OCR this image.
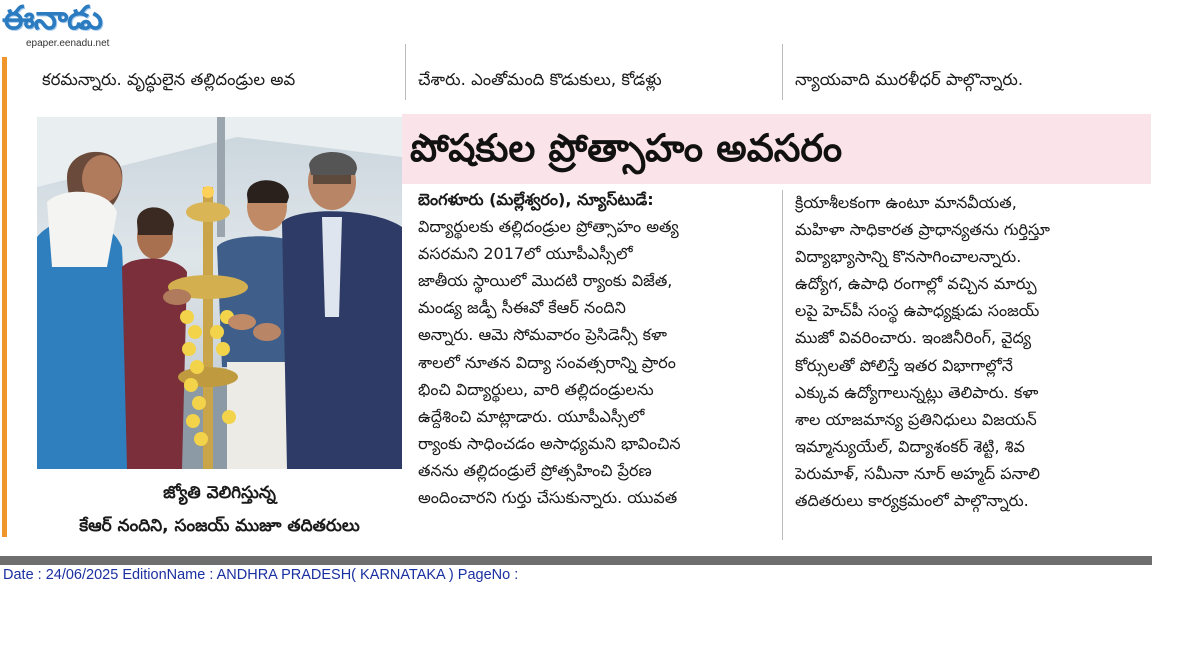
ఈనాడు
epaper.eenadu.net
కరమన్నారు. వృద్ధులైన తల్లిదండ్రుల అవ	చేశారు. ఎంతోమంది కొడుకులు, కోడళ్లు	న్యాయవాది మురళీధర్ పాల్గొన్నారు.
పోషకుల ప్రోత్సాహం అవసరం
జ్యోతి వెలిగిస్తున్న
కేఆర్ నందిని, సంజయ్ ముజూ తదితరులు

బెంగళూరు (మల్లేశ్వరం), న్యూస్‌టుడే:

విద్యార్థులకు తల్లిదండ్రుల ప్రోత్సాహం అత్య

వసరమని 2017లో యూపీఎస్సీలో

జాతీయ స్థాయిలో మొదటి ర్యాంకు విజేత,

మండ్య జడ్పీ సీఈవో కేఆర్ నందిని

అన్నారు. ఆమె సోమవారం ప్రెసిడెన్సీ కళా

శాలలో నూతన విద్యా సంవత్సరాన్ని ప్రారం

భించి విద్యార్థులు, వారి తల్లిదండ్రులను

ఉద్దేశించి మాట్లాడారు. యూపీఎస్సీలో

ర్యాంకు సాధించడం అసాధ్యమని భావించిన

తనను తల్లిదండ్రులే ప్రోత్సహించి ప్రేరణ

అందించారని గుర్తు చేసుకున్నారు. యువత

క్రియాశీలకంగా ఉంటూ మానవీయత,

మహిళా సాధికారత ప్రాధాన్యతను గుర్తిస్తూ

విద్యాభ్యాసాన్ని కొనసాగించాలన్నారు.

ఉద్యోగ, ఉపాధి రంగాల్లో వచ్చిన మార్పు

లపై హెచ్‌పీ సంస్థ ఉపాధ్యక్షుడు సంజయ్

ముజో వివరించారు. ఇంజినీరింగ్, వైద్య

కోర్సులతో పోలిస్తే ఇతర విభాగాల్లోనే

ఎక్కువ ఉద్యోగాలున్నట్లు తెలిపారు. కళా

శాల యాజమాన్య ప్రతినిధులు విజయన్

ఇమ్మాన్యుయేల్, విద్యాశంకర్ శెట్టి, శివ

పెరుమాళ్, సమీనా నూర్ అహ్మద్ పనాలి

తదితరులు కార్యక్రమంలో పాల్గొన్నారు.

Date : 24/06/2025 EditionName : ANDHRA PRADESH( KARNATAKA ) PageNo :
